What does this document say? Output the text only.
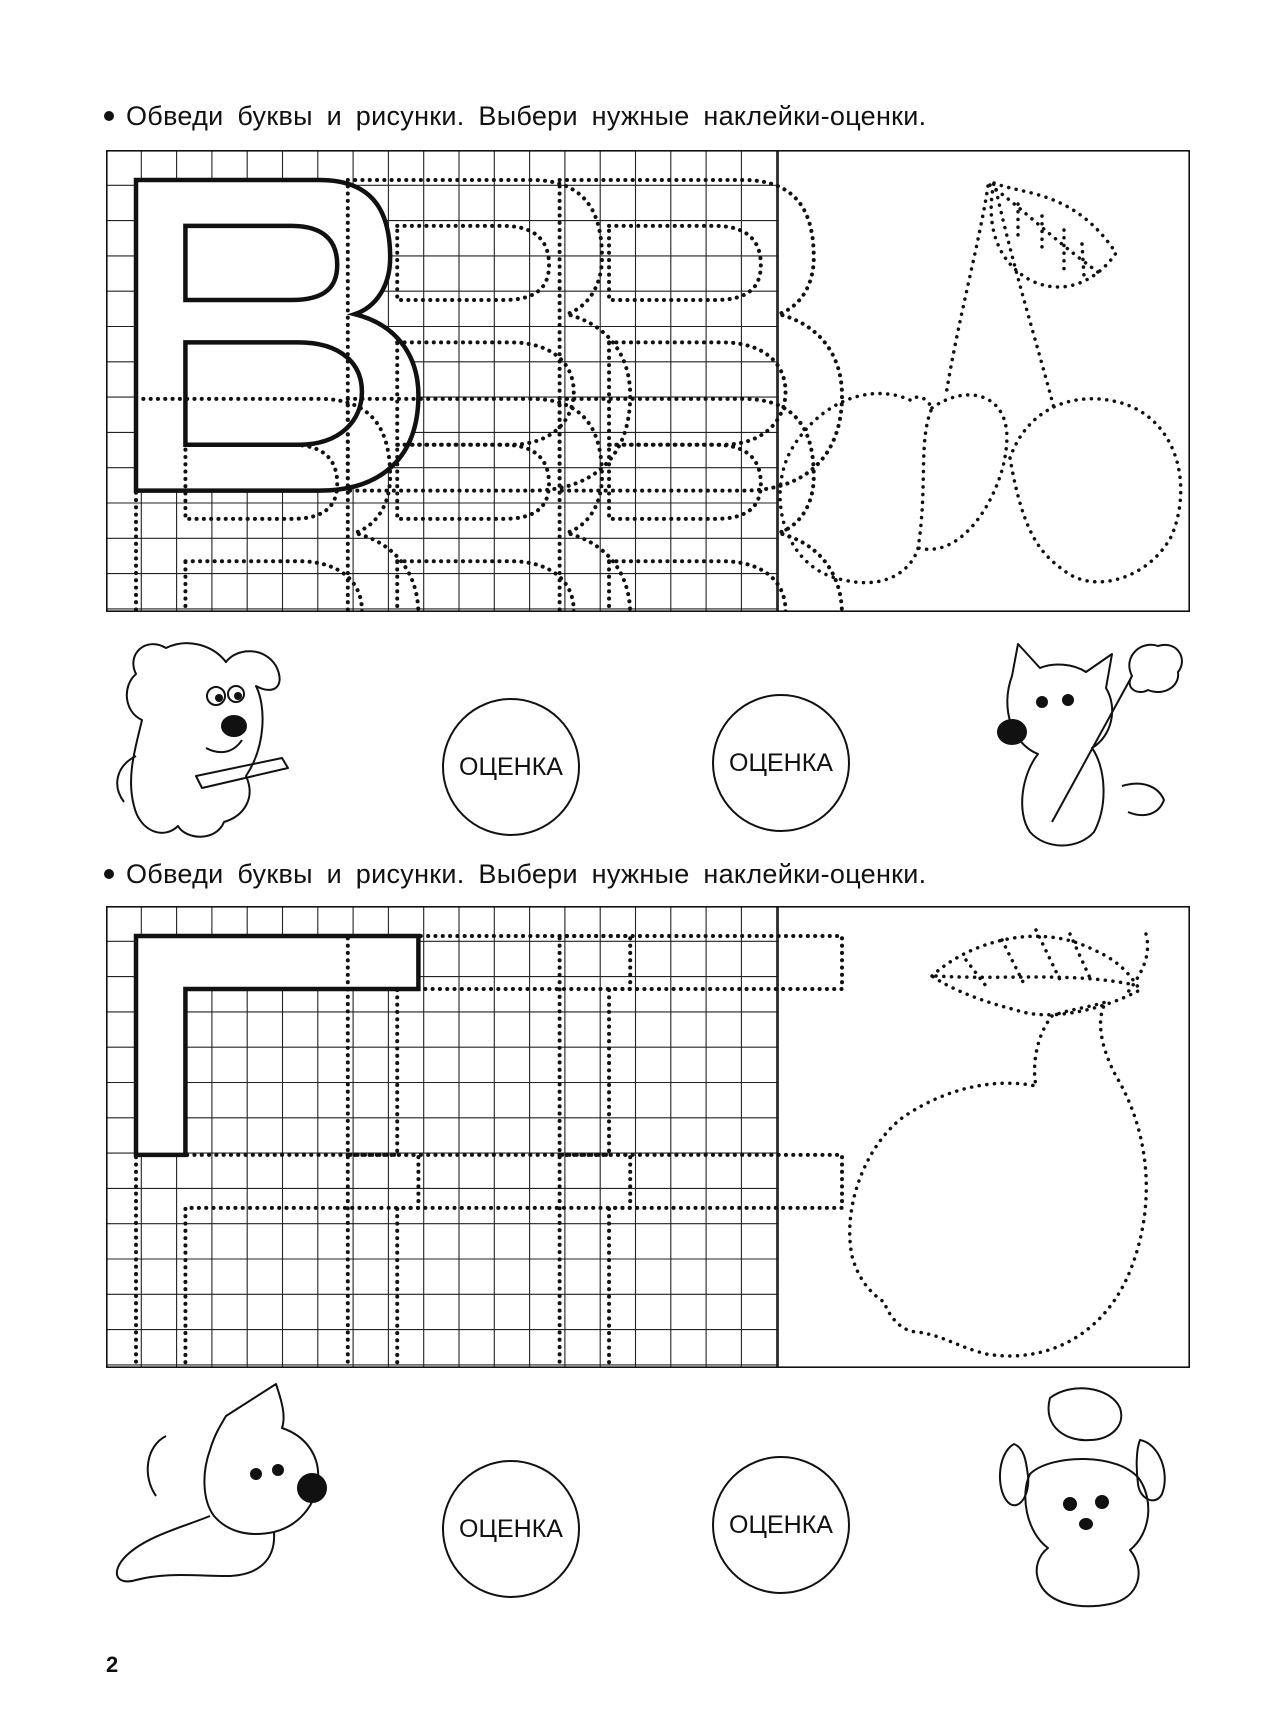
Обведи буквы и рисунки. Выбери нужные наклейки-оценки.
ОЦЕНКА	ОЦЕНКА
Обведи буквы и рисунки. Выбери нужные наклейки-оценки.
ОЦЕНКА	ОЦЕНКА
2
